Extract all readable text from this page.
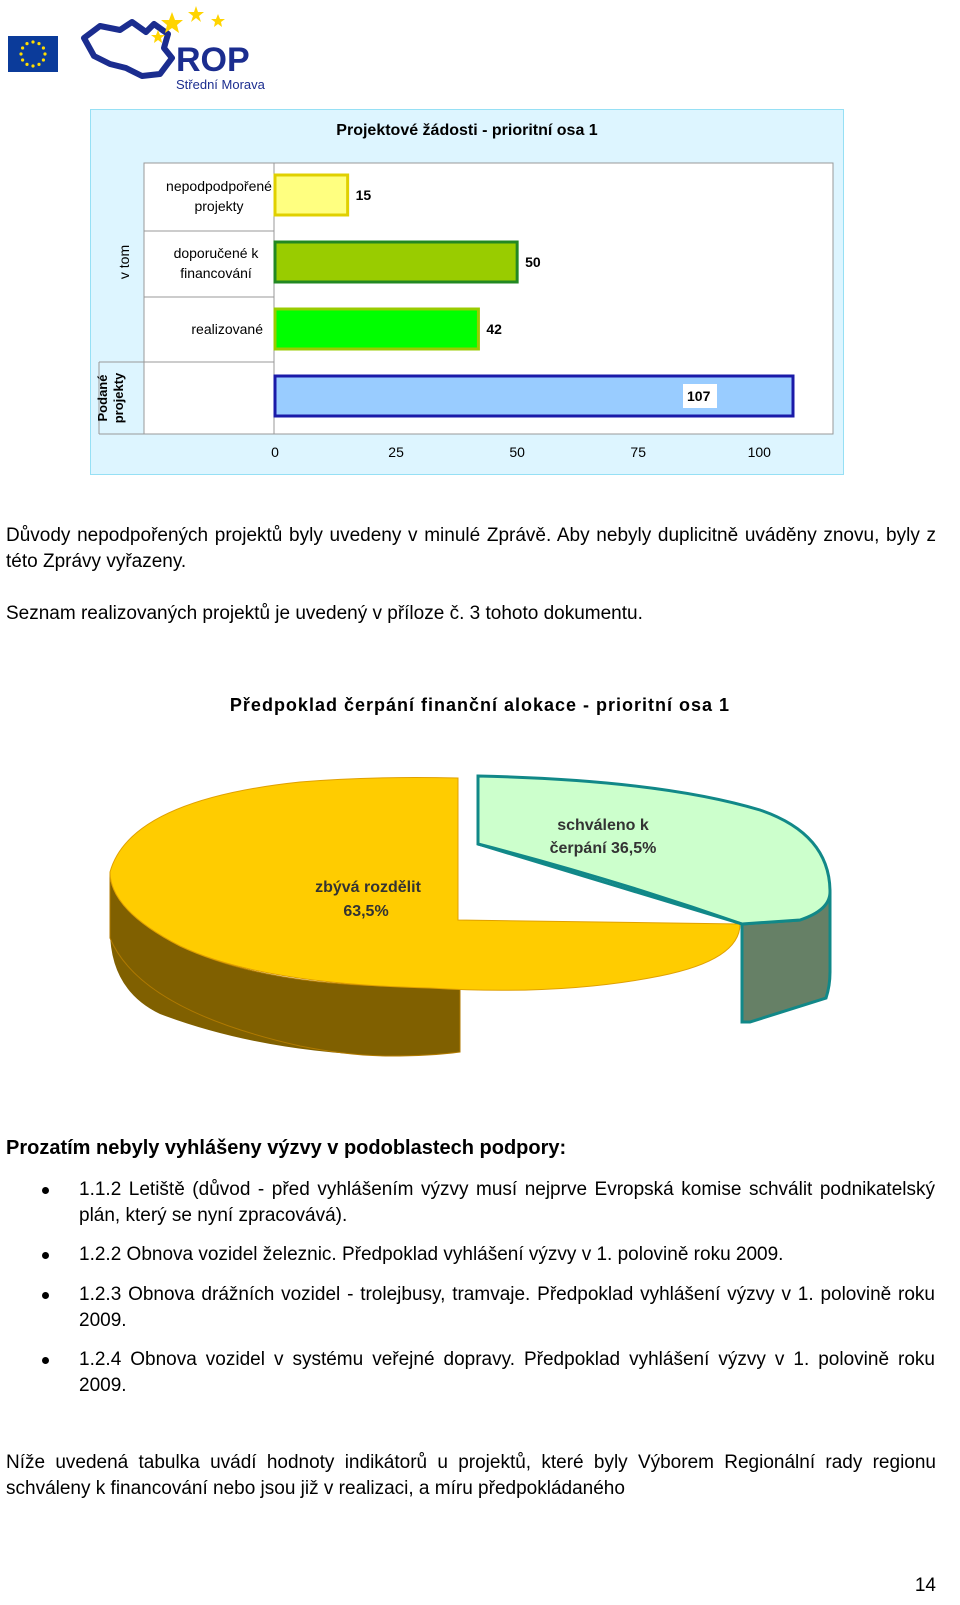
ROP
Střední Morava
Projektové žádosti - prioritní osa 1
v tom
Podanéprojekty
nepodpodpořené projekty
doporučené k financování
realizované
15
50
42
107
0	25	50	75	100
Důvody nepodpořených projektů byly uvedeny v minulé Zprávě. Aby nebyly duplicitně uváděny znovu, byly z této Zprávy vyřazeny.
Seznam realizovaných projektů je uvedený v příloze č. 3 tohoto dokumentu.
Předpoklad čerpání finanční alokace - prioritní osa 1
schváleno k
čerpání 36,5%
zbývá rozdělit
63,5%
Prozatím nebyly vyhlášeny výzvy v podoblastech podpory:
1.1.2 Letiště (důvod - před vyhlášením výzvy musí nejprve Evropská komise schválit podnikatelský plán, který se nyní zpracovává).
1.2.2 Obnova vozidel železnic. Předpoklad vyhlášení výzvy v 1. polovině roku 2009.
1.2.3 Obnova drážních vozidel - trolejbusy, tramvaje. Předpoklad vyhlášení výzvy v 1. polovině roku 2009.
1.2.4 Obnova vozidel v systému veřejné dopravy. Předpoklad vyhlášení výzvy v 1. polovině roku 2009.
Níže uvedená tabulka uvádí hodnoty indikátorů u projektů, které byly Výborem Regionální rady regionu schváleny k financování nebo jsou již v realizaci, a míru předpokládaného
14
